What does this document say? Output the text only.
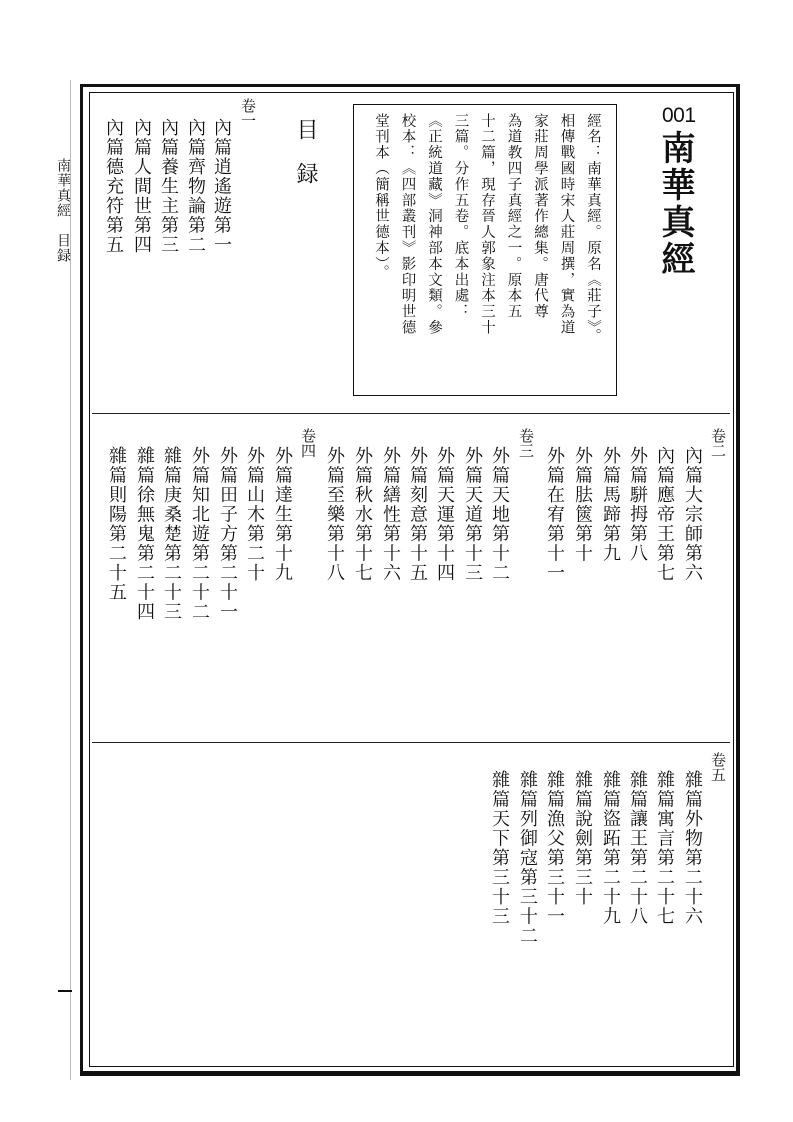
南華真經　目録
001
南華真經
經名：南華真經。原名《莊子》。
相傳戰國時宋人莊周撰，實為道
家莊周學派著作總集。唐代尊
為道教四子真經之一。原本五
十二篇，現存晉人郭象注本三十
三篇。分作五卷。底本出處：
《正統道藏》洞神部本文類。參
校本：《四部叢刊》影印明世德
堂刊本（簡稱世德本）。
目録
卷一
內篇逍遙遊第一
內篇齊物論第二
內篇養生主第三
內篇人間世第四
內篇德充符第五
卷二
內篇大宗師第六
內篇應帝王第七
外篇駢拇第八
外篇馬蹄第九
外篇胠篋第十
外篇在宥第十一
卷三
外篇天地第十二
外篇天道第十三
外篇天運第十四
外篇刻意第十五
外篇繕性第十六
外篇秋水第十七
外篇至樂第十八
卷四
外篇達生第十九
外篇山木第二十
外篇田子方第二十一
外篇知北遊第二十二
雜篇庚桑楚第二十三
雜篇徐無鬼第二十四
雜篇則陽第二十五
卷五
雜篇外物第二十六
雜篇寓言第二十七
雜篇讓王第二十八
雜篇盜跖第二十九
雜篇說劍第三十
雜篇漁父第三十一
雜篇列御寇第三十二
雜篇天下第三十三
